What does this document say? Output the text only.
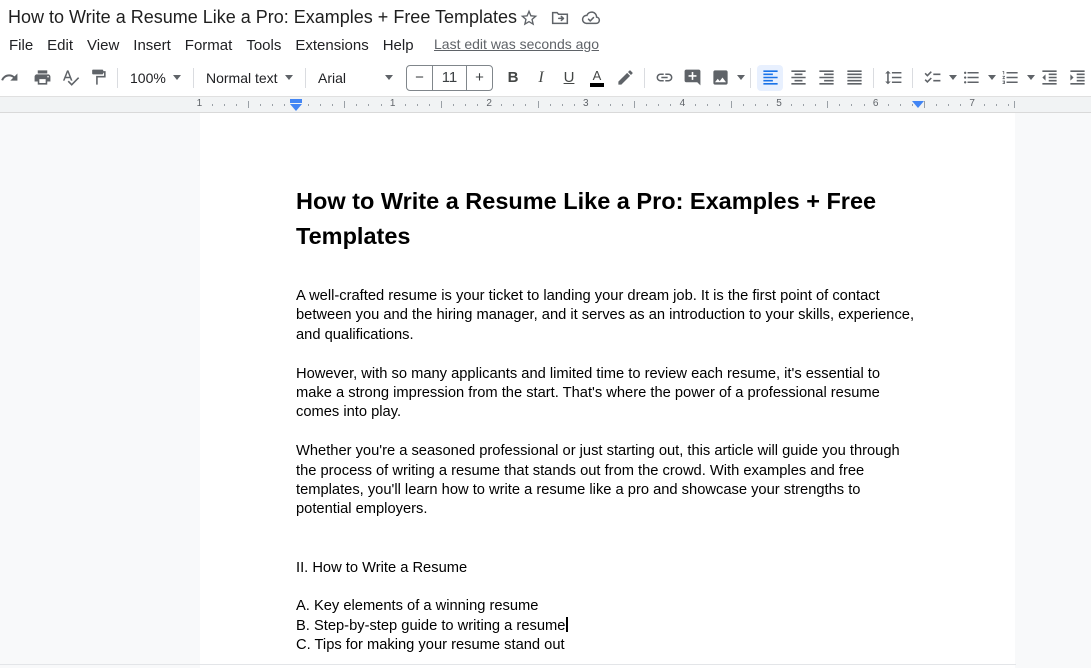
How to Write a Resume Like a Pro: Examples + Free Templates
File Edit View Insert Format Tools Extensions Help	Last edit was seconds ago
100%	Normal text	Arial	−	11	+	B I U A
1	1	2	3	4	5	6	7
How to Write a Resume Like a Pro: Examples + Free Templates
A well-crafted resume is your ticket to landing your dream job. It is the first point of contact between you and the hiring manager, and it serves as an introduction to your skills, experience, and qualifications.
However, with so many applicants and limited time to review each resume, it's essential to make a strong impression from the start. That's where the power of a professional resume comes into play.
Whether you're a seasoned professional or just starting out, this article will guide you through the process of writing a resume that stands out from the crowd. With examples and free templates, you'll learn how to write a resume like a pro and showcase your strengths to potential employers.
II. How to Write a Resume
A. Key elements of a winning resume
B. Step-by-step guide to writing a resume
C. Tips for making your resume stand out
